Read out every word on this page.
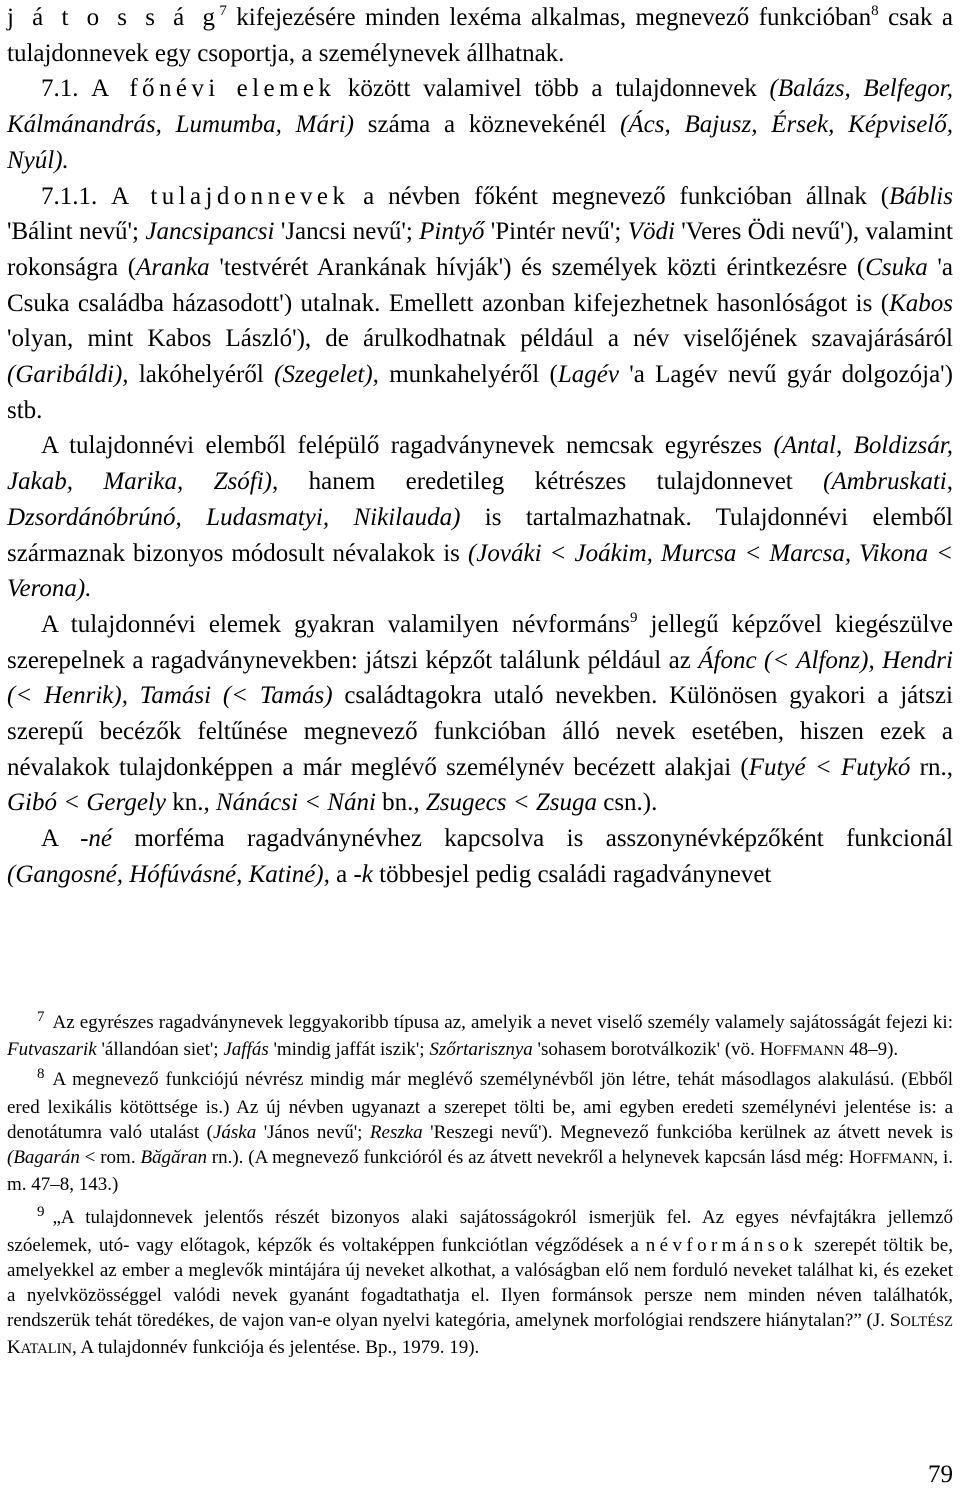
j á t o s s á $g^7$ kifejezésére minden lexéma alkalmas, megnevező funkcióban$^8$ csak a tulajdonnevek egy csoportja, a személynevek állhatnak.

7.1. A főnévi elemek között valamivel több a tulajdonnevek (Balázs, Belfegor, Kálmánandrás, Lumumba, Mári) száma a köznevekénél (Ács, Bajusz, Érsek, Képviselő, Nyúl).

7.1.1. A tulajdonnevek a névben főként megnevező funkcióban állnak (Báblis 'Bálint nevű'; Jancsipancsi 'Jancsi nevű'; Pintyő 'Pintér nevű'; Vödi 'Veres Ödi nevű'), valamint rokonságra (Aranka 'testvérét Arankának hívják') és személyek közti érintkezésre (Csuka 'a Csuka családba házasodott') utalnak. Emellett azonban kifejezhetnek hasonlóságot is (Kabos 'olyan, mint Kabos László'), de árulkodhatnak például a név viselőjének szavajárásáról (Garibáldi), lakóhelyéről (Szegelet), munkahelyéről (Lagév 'a Lagév nevű gyár dolgozója') stb.

A tulajdonnévi elemből felépülő ragadványnevek nemcsak egyrészes (Antal, Boldizsár, Jakab, Marika, Zsófi), hanem eredetileg kétrészes tulajdonnevet (Ambruskati, Dzsordánóbrúnó, Ludasmatyi, Nikilauda) is tartalmazhatnak. Tulajdonnévi elemből származnak bizonyos módosult névalakok is (Jováki < Joákim, Murcsa < Marcsa, Vikona < Verona).

A tulajdonnévi elemek gyakran valamilyen névformáns$^9$ jellegű képzővel kiegészülve szerepelnek a ragadványnevekben: játszi képzőt találunk például az Áfonc (< Alfonz), Hendri (< Henrik), Tamási (< Tamás) családtagokra utaló nevekben. Különösen gyakori a játszi szerepű becézők feltűnése megnevező funkcióban álló nevek esetében, hiszen ezek a névalakok tulajdonképpen a már meglévő személynév becézett alakjai (Futyé < Futykó rn., Gibó < Gergely kn., Nánácsi < Náni bn., Zsugecs < Zsuga csn.).

A -né morféma ragadványnévhez kapcsolva is asszonynévképzőként funkcionál (Gangosné, Hófúvásné, Katiné), a -k többesjel pedig családi ragadványnevet

$^7$ Az egyrészes ragadványnevek leggyakoribb típusa az, amelyik a nevet viselő személy valamely sajátosságát fejezi ki: Futvaszarik 'állandóan siet'; Jaffás 'mindig jaffát iszik'; Szőrtarisznya 'sohasem borotválkozik' (vö. HOFFMANN 48–9).

$^8$ A megnevező funkciójú névrész mindig már meglévő személynévből jön létre, tehát másodlagos alakulású. (Ebből ered lexikális kötöttsége is.) Az új névben ugyanazt a szerepet tölti be, ami egyben eredeti személynévi jelentése is: a denotátumra való utalást (Jáska 'János nevű'; Reszka 'Reszegi nevű'). Megnevező funkcióba kerülnek az átvett nevek is (Bagarán < rom. Bӑgӑran rn.). (A megnevező funkcióról és az átvett nevekről a helynevek kapcsán lásd még: HOFFMANN, i. m. 47–8, 143.)

$^9$ „A tulajdonnevek jelentős részét bizonyos alaki sajátosságokról ismerjük fel. Az egyes névfajtákra jellemző szóelemek, utó- vagy előtagok, képzők és voltaképpen funkciótlan végződések a névformánsok szerepét töltik be, amelyekkel az ember a meglevők mintájára új neveket alkothat, a valóságban elő nem forduló neveket találhat ki, és ezeket a nyelvközösséggel valódi nevek gyanánt fogadtathatja el. Ilyen formánsok persze nem minden néven találhatók, rendszerük tehát töredékes, de vajon van-e olyan nyelvi kategória, amelynek morfológiai rendszere hiánytalan?” (J. SOLTÉSZ KATALIN, A tulajdonnév funkciója és jelentése. Bp., 1979. 19).

79
